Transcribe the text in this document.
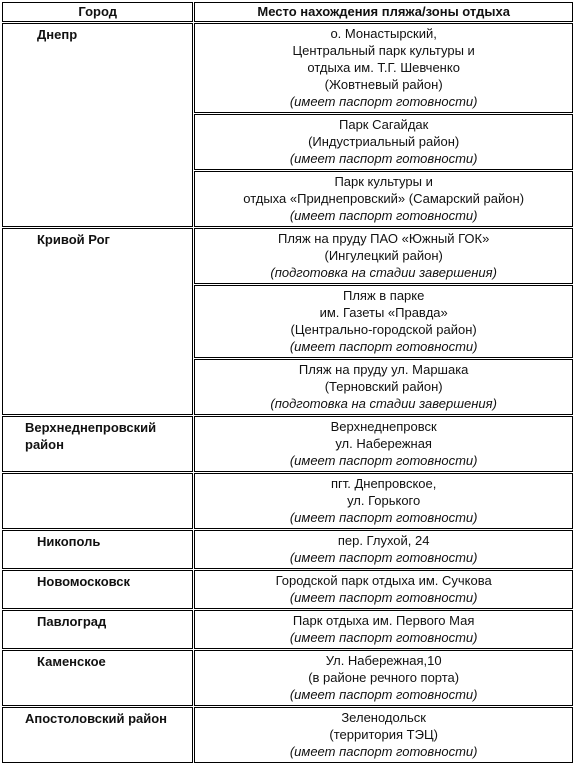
Город	Место нахождения пляжа/зоны отдыха
Днепр	о. Монастырский,
Центральный парк культуры и
отдыха им. Т.Г. Шевченко
(Жовтневый район)
(имеет паспорт готовности)

	Парк Сагайдак
(Индустриальный район)
(имеет паспорт готовности)

	Парк культуры и
отдыха «Приднепровский» (Самарский район)
(имеет паспорт готовности)

Кривой Рог	Пляж на пруду ПАО «Южный ГОК»
(Ингулецкий район)
(подготовка на стадии завершения)

	Пляж в парке
им. Газеты «Правда»
(Центрально-городской район)
(имеет паспорт готовности)

	Пляж на пруду ул. Маршака
(Терновский район)
(подготовка на стадии завершения)

Верхнеднепровский район	Верхнеднепровск
ул. Набережная
(имеет паспорт готовности)

	пгт. Днепровское,
ул. Горького
(имеет паспорт готовности)

Никополь	пер. Глухой, 24
(имеет паспорт готовности)

Новомосковск	Городской парк отдыха им. Сучкова
(имеет паспорт готовности)

Павлоград	Парк отдыха им. Первого Мая
(имеет паспорт готовности)

Каменское	Ул. Набережная,10
(в районе речного порта)
(имеет паспорт готовности)

Апостоловский район	Зеленодольск
(территория ТЭЦ)
(имеет паспорт готовности)
